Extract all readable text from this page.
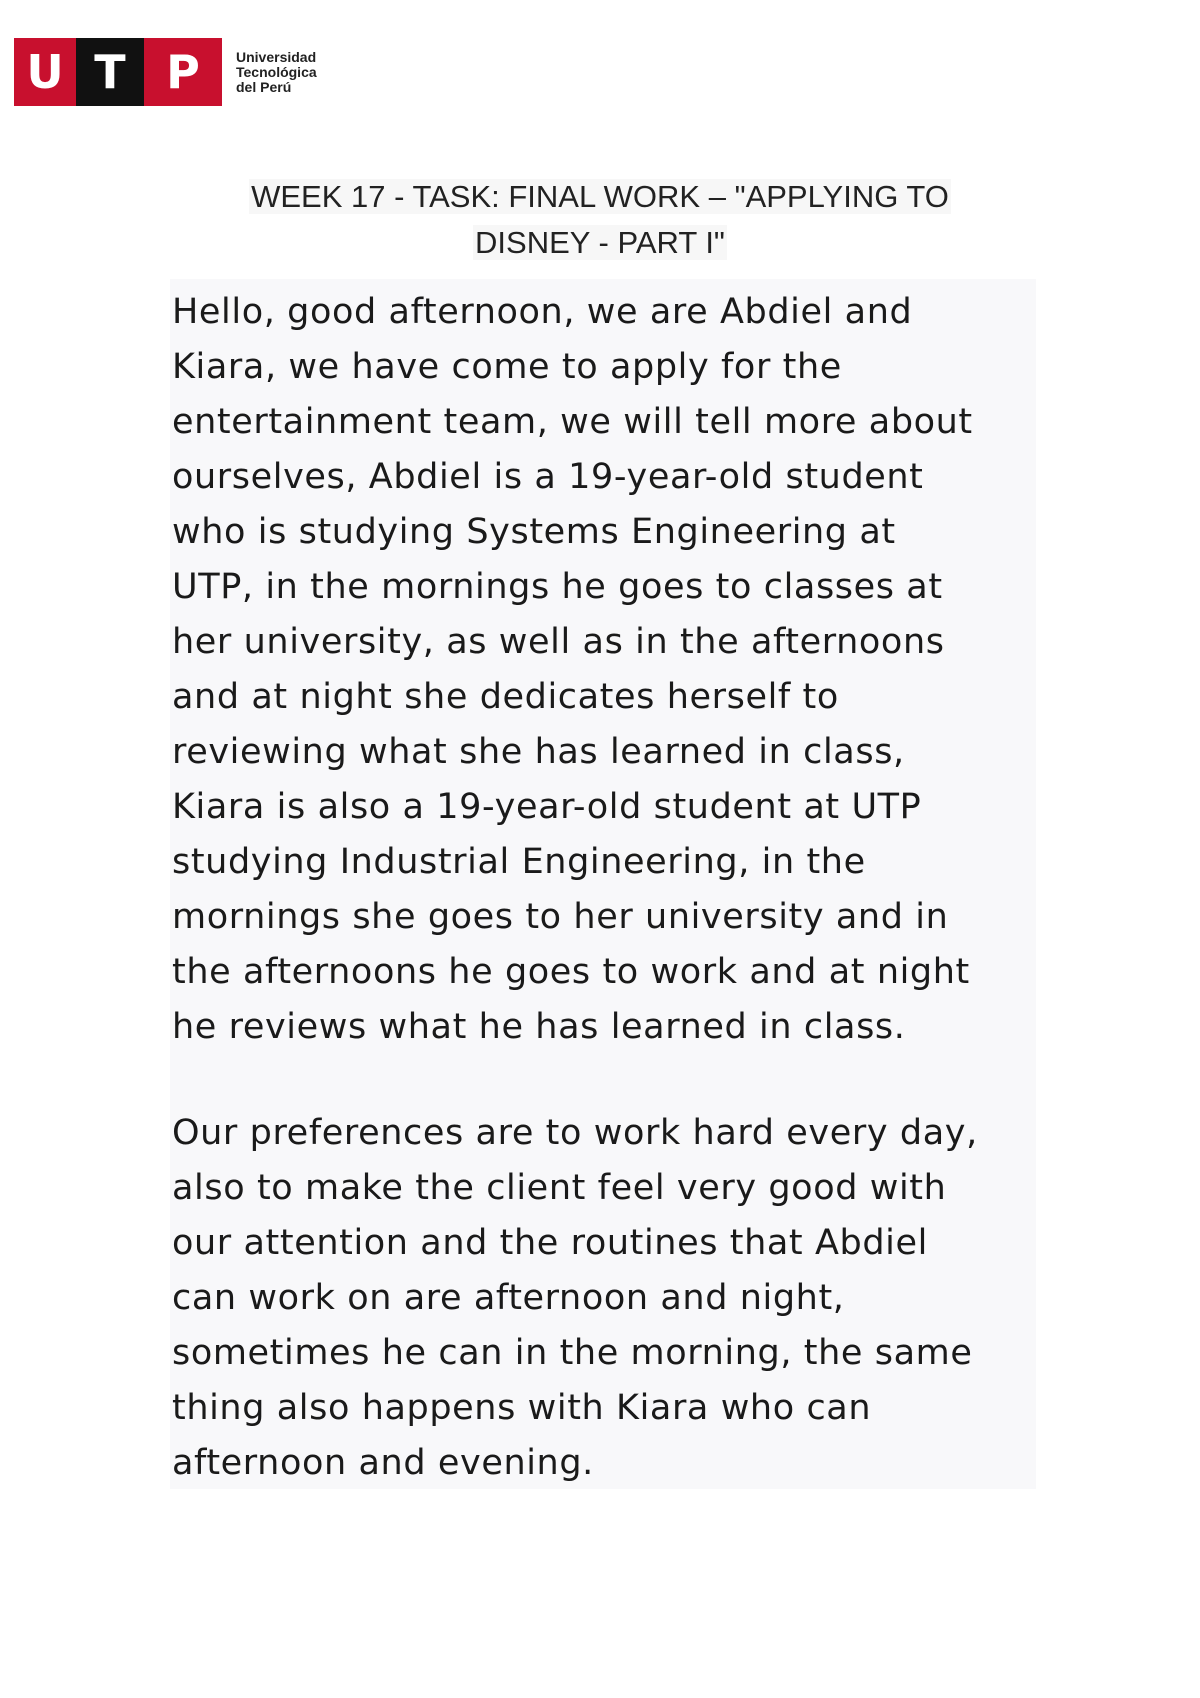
U T P	Universidad
Tecnológica
del Perú
WEEK 17 - TASK: FINAL WORK – "APPLYING TO
DISNEY - PART I"
Hello, good afternoon, we are Abdiel and
Kiara, we have come to apply for the
entertainment team, we will tell more about
ourselves, Abdiel is a 19-year-old student
who is studying Systems Engineering at
UTP, in the mornings he goes to classes at
her university, as well as in the afternoons
and at night she dedicates herself to
reviewing what she has learned in class,
Kiara is also a 19-year-old student at UTP
studying Industrial Engineering, in the
mornings she goes to her university and in
the afternoons he goes to work and at night
he reviews what he has learned in class.
Our preferences are to work hard every day,
also to make the client feel very good with
our attention and the routines that Abdiel
can work on are afternoon and night,
sometimes he can in the morning, the same
thing also happens with Kiara who can
afternoon and evening.
